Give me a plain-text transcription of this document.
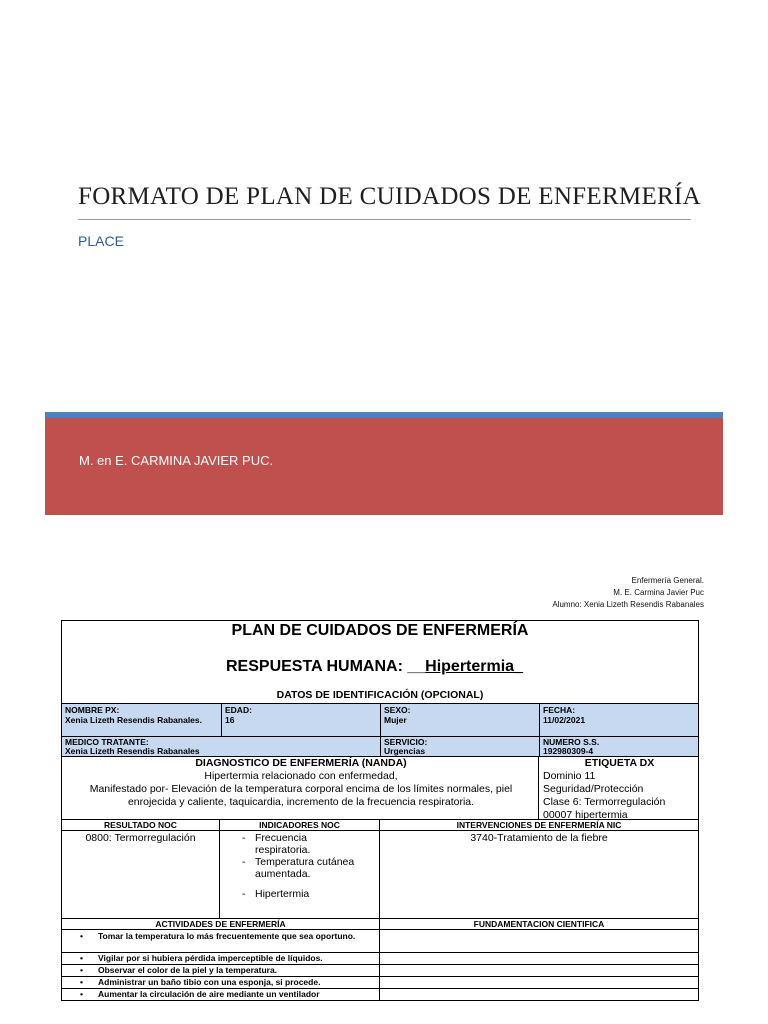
FORMATO DE PLAN DE CUIDADOS DE ENFERMERÍA
PLACE
M. en E. CARMINA JAVIER PUC.
Enfermería General.
M. E. Carmina Javier Puc
Alumno: Xenia Lizeth Resendis Rabanales
PLAN DE CUIDADOS DE ENFERMERÍA
RESPUESTA HUMANA: __Hipertermia_
DATOS DE IDENTIFICACIÓN (OPCIONAL)
NOMBRE PX:
Xenia Lizeth Resendis Rabanales.
EDAD:
16
SEXO:
Mujer
FECHA:
11/02/2021
MEDICO TRATANTE:
Xenia Lizeth Resendis Rabanales
SERVICIO:
Urgencias
NUMERO S.S.
192980309-4
DIAGNOSTICO DE ENFERMERÍA (NANDA)
Hipertermia relacionado con enfermedad,
Manifestado por- Elevación de la temperatura corporal encima de los límites normales, piel enrojecida y caliente, taquicardia, incremento de la frecuencia respiratoria.
ETIQUETA DX
Dominio 11
Seguridad/Protección
Clase 6: Termorregulación
00007 hipertermia
RESULTADO NOC	INDICADORES NOC	INTERVENCIONES DE ENFERMERÍA NIC
0800: Termorregulación
-	Frecuencia respiratoria.
- Temperatura cutánea aumentada.
- Hipertermia
3740-Tratamiento de la fiebre
ACTIVIDADES DE ENFERMERÍA	FUNDAMENTACION CIENTIFICA
• Tomar la temperatura lo más frecuentemente que sea oportuno.
• Vigilar por si hubiera pérdida imperceptible de líquidos.
• Observar el color de la piel y la temperatura.
• Administrar un baño tibio con una esponja, si procede.
• Aumentar la circulación de aire mediante un ventilador
